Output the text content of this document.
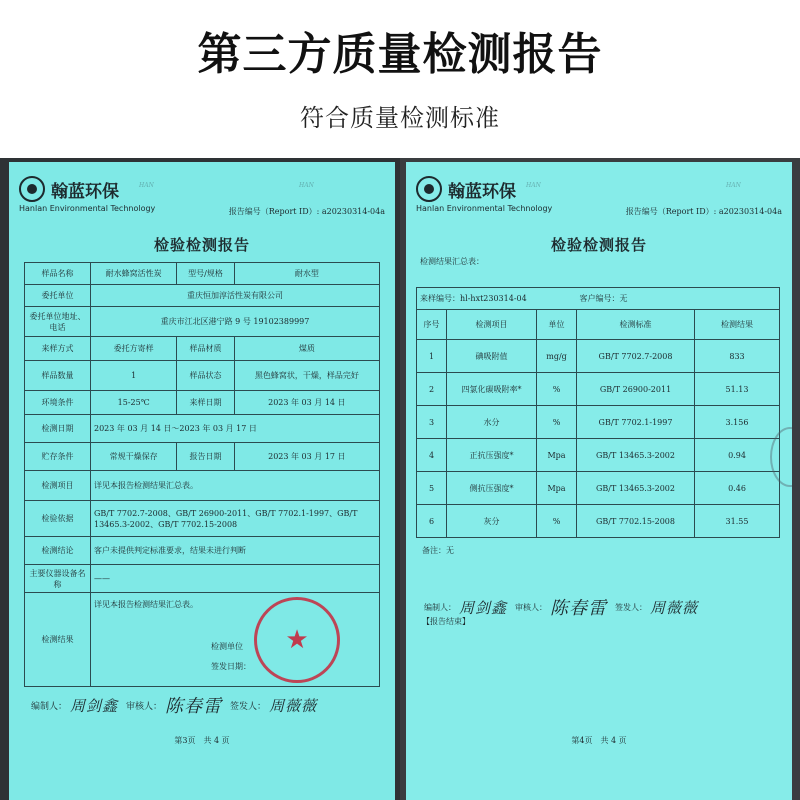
第三方质量检测报告
符合质量检测标准
翰蓝环保
Hanlan Environmental Technology	报告编号（Report ID）: a20230314-04a
HAN	HAN
检验检测报告
样品名称	耐水蜂窝活性炭	型号/规格	耐水型
委托单位	重庆恒加淳活性炭有限公司		
委托单位地址、电话	重庆市江北区港宁路 9 号 19102389997		
来样方式	委托方寄样	样品材质	煤质
样品数量	1	样品状态	黑色蜂窝状，干燥，样品完好
环境条件	15-25℃	来样日期	2023 年 03 月 14 日
检测日期	2023 年 03 月 14 日～2023 年 03 月 17 日		
贮存条件	常规干燥保存	报告日期	2023 年 03 月 17 日
检测项目	详见本报告检测结果汇总表。		
检验依据	GB/T 7702.7-2008、GB/T 26900-2011、GB/T 7702.1-1997、GB/T 13465.3-2002、GB/T 7702.15-2008		
检测结论	客户未提供判定标准要求，结果未进行判断		
主要仪器设备名称	——		
检测结果	详见本报告检测结果汇总表。
检测单位
签发日期：		
★
编制人： 周剑鑫 审核人： 陈春雷 签发人： 周薇薇
第3页　共 4 页
翰蓝环保
Hanlan Environmental Technology	报告编号（Report ID）: a20230314-04a
HAN	HAN
检验检测报告
检测结果汇总表：
来样编号：hl-hxt230314-04			客户编号：无	
序号	检测项目	单位	检测标准	检测结果
1	碘吸附值	mg/g	GB/T 7702.7-2008	833
2	四氯化碳吸附率*	%	GB/T 26900-2011	51.13
3	水分	%	GB/T 7702.1-1997	3.156
4	正抗压强度*	Mpa	GB/T 13465.3-2002	0.94
5	侧抗压强度*	Mpa	GB/T 13465.3-2002	0.46
6	灰分	%	GB/T 7702.15-2008	31.55
备注：无
编制人： 周剑鑫 审核人： 陈春雷 签发人： 周薇薇
【报告结束】
第4页　共 4 页
